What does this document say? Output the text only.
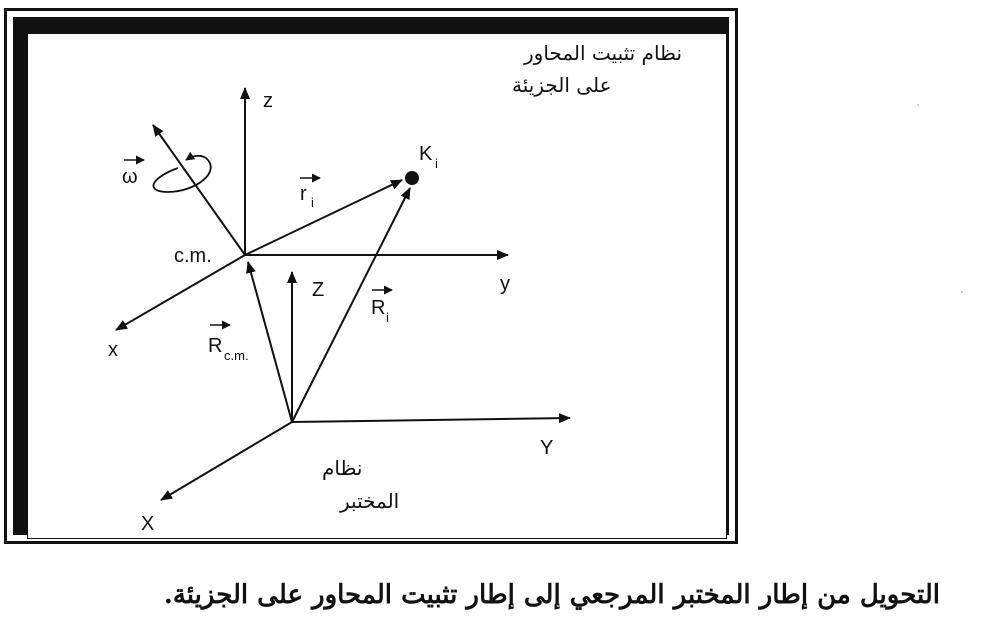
نظام تثبيت المحاور
على الجزيئة
z
y
x
Z
Y
X
c.m.
ω
r i
K i
R i
R c.m.
نظام
المختبر
التحويل من إطار المختبر المرجعي إلى إطار تثبيت المحاور على الجزيئة.
